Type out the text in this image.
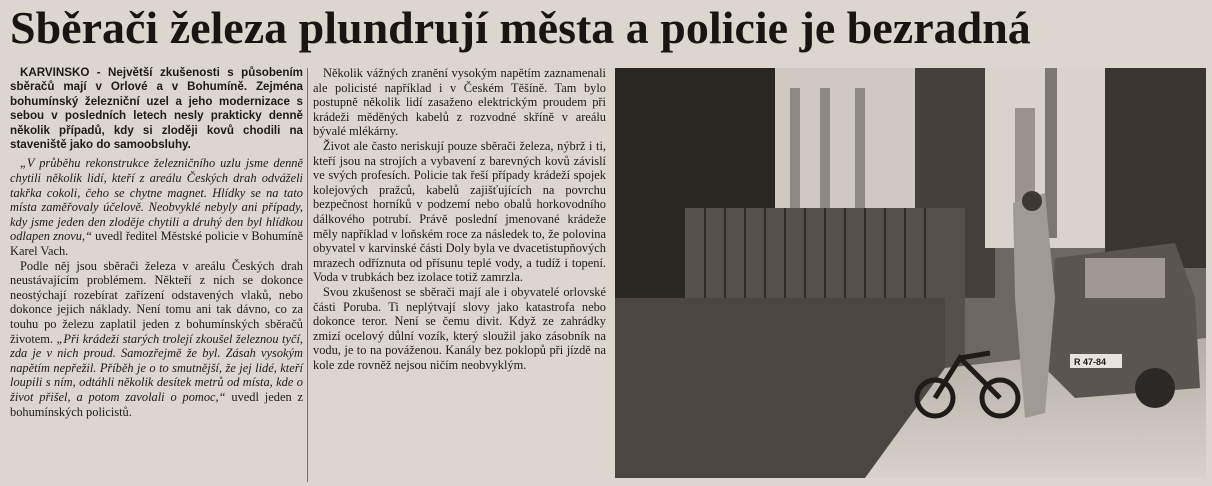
Sběrači železa plundrují města a policie je bezradná

KARVINSKO - Největší zkušenosti s působením sběračů mají v Orlové a v Bohumíně. Zejména bohumínský železniční uzel a jeho modernizace s sebou v posledních letech nesly prakticky denně několik případů, kdy si zloději kovů chodili na staveniště jako do samoobsluhy.

„V průběhu rekonstrukce železničního uzlu jsme denně chytili několik lidí, kteří z areálu Českých drah odváželi takřka cokoli, čeho se chytne magnet. Hlídky se na tato místa zaměřovaly účelově. Neobvyklé nebyly ani případy, kdy jsme jeden den zloděje chytili a druhý den byl hlídkou odlapen znovu,“ uvedl ředitel Městské policie v Bohumíně Karel Vach.

Podle něj jsou sběrači železa v areálu Českých drah neustávajícím problémem. Někteří z nich se dokonce neostýchají rozebírat zařízení odstavených vlaků, nebo dokonce jejich náklady. Není tomu ani tak dávno, co za touhu po železu zaplatil jeden z bohumínských sběračů životem. „Při krádeži starých trolejí zkoušel železnou tyčí, zda je v nich proud. Samozřejmě že byl. Zásah vysokým napětím nepřežil. Příběh je o to smutnější, že jej lidé, kteří loupili s ním, odtáhli několik desítek metrů od místa, kde o život přišel, a potom zavolali o pomoc,“ uvedl jeden z bohumínských policistů.

Několik vážných zranění vysokým napětím zaznamenali ale policisté například i v Českém Těšíně. Tam bylo postupně několik lidí zasaženo elektrickým proudem při krádeži měděných kabelů z rozvodné skříně v areálu bývalé mlékárny.

Život ale často neriskují pouze sběrači železa, nýbrž i ti, kteří jsou na strojích a vybavení z barevných kovů závislí ve svých profesích. Policie tak řeší případy krádeží spojek kolejových pražců, kabelů zajišťujících na povrchu bezpečnost horníků v podzemí nebo obalů horkovodního dálkového potrubí. Právě poslední jmenované krádeže měly například v loňském roce za následek to, že polovina obyvatel v karvinské části Doly byla ve dvacetistupňových mrazech odříznuta od přísunu teplé vody, a tudíž i topení. Voda v trubkách bez izolace totiž zamrzla.

Svou zkušenost se sběrači mají ale i obyvatelé orlovské části Poruba. Ti neplýtvají slovy jako katastrofa nebo dokonce teror. Není se čemu divit. Když ze zahrádky zmizí ocelový důlní vozík, který sloužil jako zásobník na vodu, je to na pováženou. Kanály bez poklopů při jízdě na kole zde rovněž nejsou ničím neobvyklým.	R 47-84
